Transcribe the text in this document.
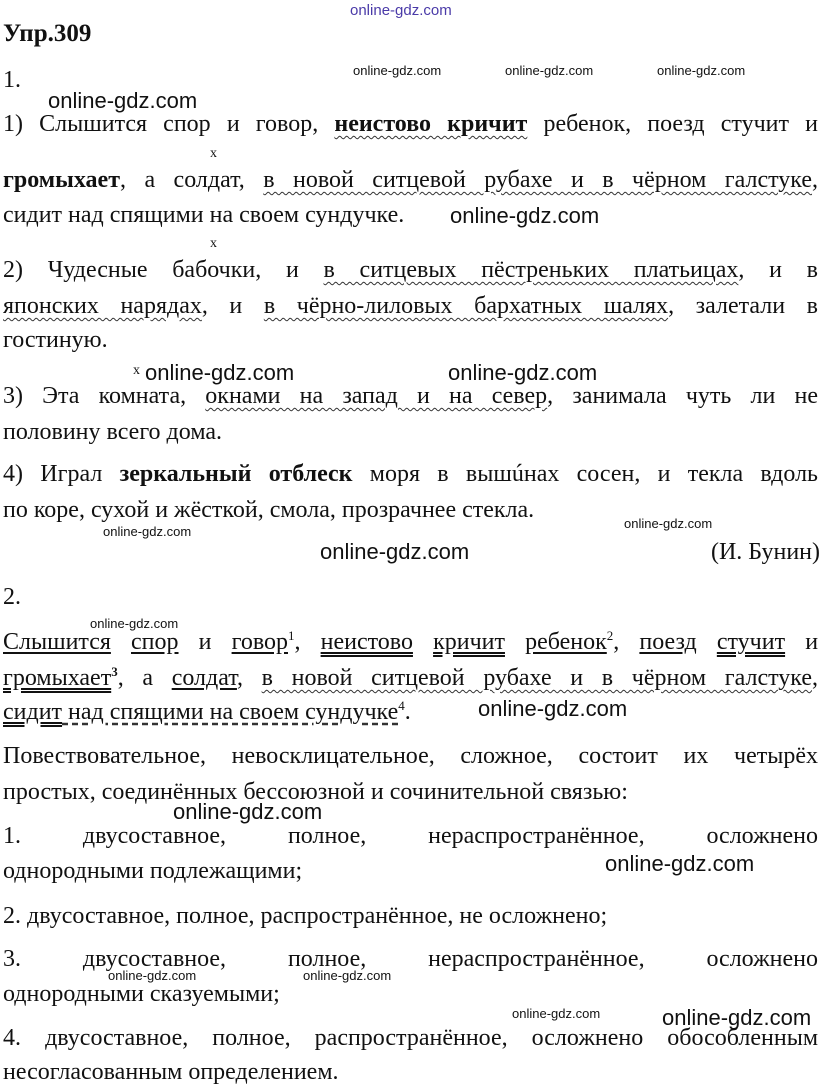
online-gdz.com
online-gdz.com	online-gdz.com	online-gdz.com
online-gdz.com
online-gdz.com
online-gdz.com	online-gdz.com
online-gdz.com
online-gdz.com
online-gdz.com
online-gdz.com
online-gdz.com
online-gdz.com
online-gdz.com
online-gdz.com	online-gdz.com
online-gdz.com	online-gdz.com
x
x
x
Упр.309
1.
1) Слышится спор и говор, неистово кричит ребенок, поезд стучит и
громыхает, а солдат, в новой ситцевой рубахе и в чёрном галстуке,
сидит над спящими на своем сундучке.
2) Чудесные бабочки, и в ситцевых пёстреньких платьицах, и в
японских нарядах, и в чёрно-лиловых бархатных шалях, залетали в
гостиную.
3) Эта комната, окнами на запад и на север, занимала чуть ли не
половину всего дома.
4) Играл зеркальный отблеск моря в вышúнах сосен, и текла вдоль
по коре, сухой и жёсткой, смола, прозрачнее стекла.
(И. Бунин)
2.
Слышится спор и говор$^1$, неистово кричит ребенок$^2$, поезд стучит и
громыхает$^3$, а солдат, в новой ситцевой рубахе и в чёрном галстуке,
сидит над спящими на своем сундучке$^4$.
Повествовательное, невосклицательное, сложное, состоит их четырёх
простых, соединённых бессоюзной и сочинительной связью:
1. двусоставное, полное, нераспространённое, осложнено
однородными подлежащими;
2. двусоставное, полное, распространённое, не осложнено;
3. двусоставное, полное, нераспространённое, осложнено
однородными сказуемыми;
4. двусоставное, полное, распространённое, осложнено обособленным
несогласованным определением.
